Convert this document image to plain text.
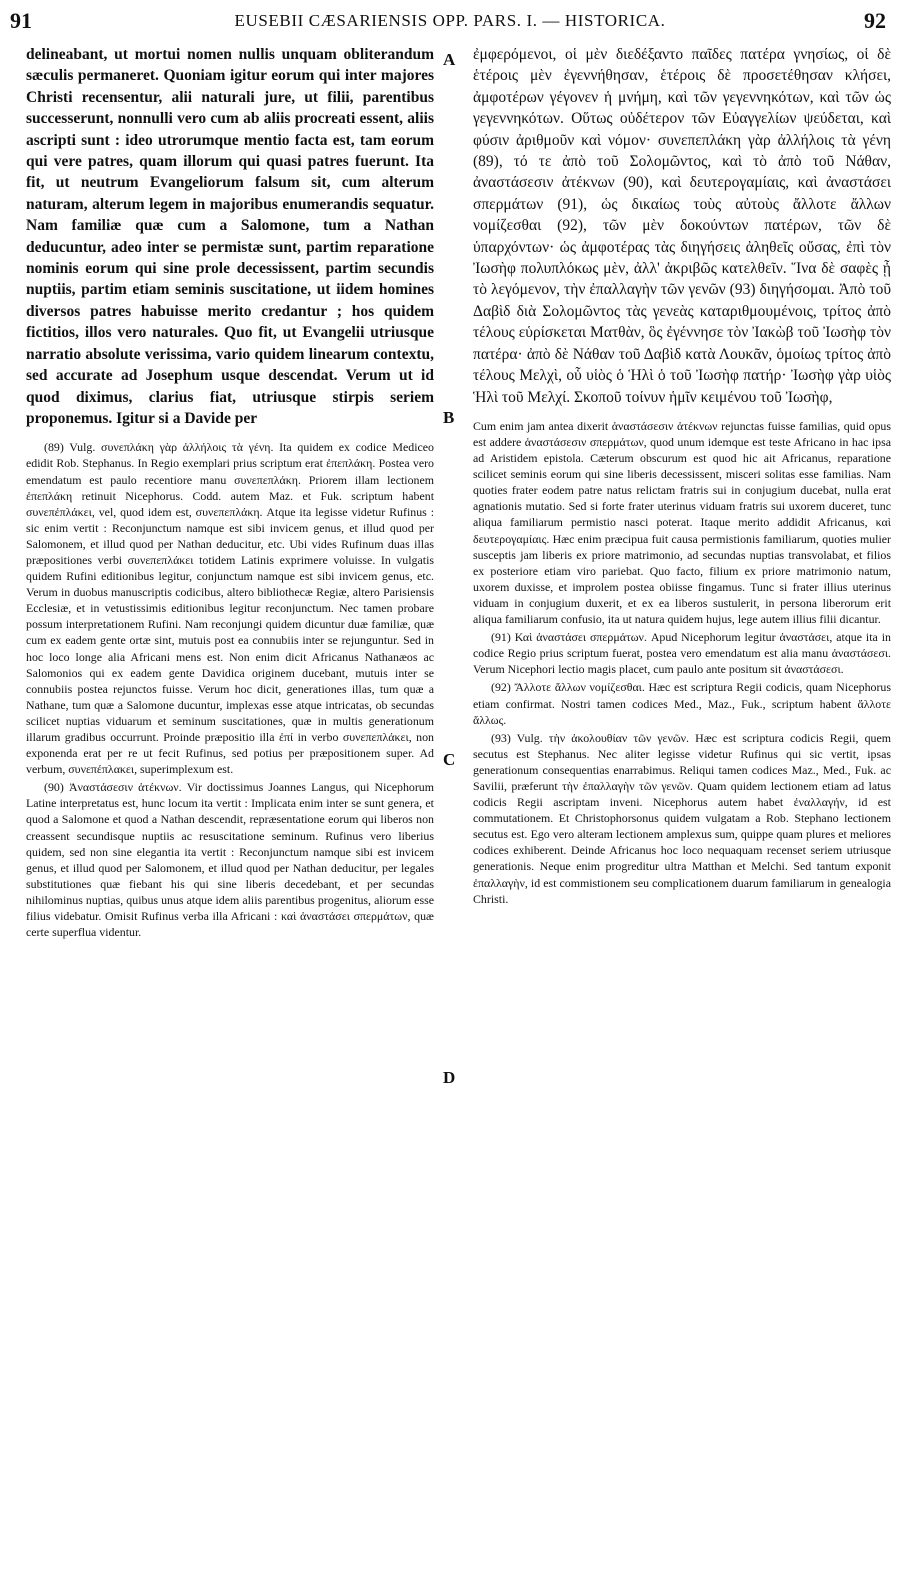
91	EUSEBII CÆSARIENSIS OPP. PARS. I. — HISTORICA.	92
A
B
C
D

delineabant, ut mortui nomen nullis unquam obliterandum sæculis permaneret. Quoniam igitur eorum qui inter majores Christi recensentur, alii naturali jure, ut filii, parentibus successerunt, nonnulli vero cum ab aliis procreati essent, aliis ascripti sunt : ideo utrorumque mentio facta est, tam eorum qui vere patres, quam illorum qui quasi patres fuerunt. Ita fit, ut neutrum Evangeliorum falsum sit, cum alterum naturam, alterum legem in majoribus enumerandis sequatur. Nam familiæ quæ cum a Salomone, tum a Nathan deducuntur, adeo inter se permistæ sunt, partim reparatione nominis eorum qui sine prole decessissent, partim secundis nuptiis, partim etiam seminis suscitatione, ut iidem homines diversos patres habuisse merito credantur ; hos quidem fictitios, illos vero naturales. Quo fit, ut Evangelii utriusque narratio absolute verissima, vario quidem linearum contextu, sed accurate ad Josephum usque descendat. Verum ut id quod diximus, clarius fiat, utriusque stirpis seriem proponemus. Igitur si a Davide per

(89) Vulg. συνεπλάκη γὰρ ἀλλήλοις τὰ γένη. Ita quidem ex codice Mediceo edidit Rob. Stephanus. In Regio exemplari prius scriptum erat ἐπεπλάκη. Postea vero emendatum est paulo recentiore manu συνεπεπλάκη. Priorem illam lectionem ἐπεπλάκη retinuit Nicephorus. Codd. autem Maz. et Fuk. scriptum habent συνεπέπλάκει, vel, quod idem est, συνεπεπλάκη. Atque ita legisse videtur Rufinus : sic enim vertit : Reconjunctum namque est sibi invicem genus, et illud quod per Salomonem, et illud quod per Nathan deducitur, etc. Ubi vides Rufinum duas illas præpositiones verbi συνεπεπλάκει totidem Latinis exprimere voluisse. In vulgatis quidem Rufini editionibus legitur, conjunctum namque est sibi invicem genus, etc. Verum in duobus manuscriptis codicibus, altero bibliothecæ Regiæ, altero Parisiensis Ecclesiæ, et in vetustissimis editionibus legitur reconjunctum. Nec tamen probare possum interpretationem Rufini. Nam reconjungi quidem dicuntur duæ familiæ, quæ cum ex eadem gente ortæ sint, mutuis post ea connubiis inter se rejunguntur. Sed in hoc loco longe alia Africani mens est. Non enim dicit Africanus Nathanæos ac Salomonios qui ex eadem gente Davidica originem ducebant, mutuis inter se connubiis postea rejunctos fuisse. Verum hoc dicit, generationes illas, tum quæ a Nathane, tum quæ a Salomone ducuntur, implexas esse atque intricatas, ob secundas scilicet nuptias viduarum et seminum suscitationes, quæ in multis generationum illarum gradibus occurrunt. Proinde præpositio illa ἐπί in verbo συνεπεπλάκει, non exponenda erat per re ut fecit Rufinus, sed potius per præpositionem super. Ad verbum, συνεπέπλακει, superimplexum est.

(90) Ἀναστάσεσιν ἀτέκνων. Vir doctissimus Joannes Langus, qui Nicephorum Latine interpretatus est, hunc locum ita vertit : Implicata enim inter se sunt genera, et quod a Salomone et quod a Nathan descendit, repræsentatione eorum qui liberos non creassent secundisque nuptiis ac resuscitatione seminum. Rufinus vero liberius quidem, sed non sine elegantia ita vertit : Reconjunctum namque sibi est invicem genus, et illud quod per Salomonem, et illud quod per Nathan deducitur, per legales substitutiones quæ fiebant his qui sine liberis decedebant, et per secundas nihilominus nuptias, quibus unus atque idem aliis parentibus progenitus, aliorum esse filius videbatur. Omisit Rufinus verba illa Africani : καὶ ἀναστάσει σπερμάτων, quæ certe superflua videntur.

ἐμφερόμενοι, οἱ μὲν διεδέξαντο παῖδες πατέρα γνησίως, οἱ δὲ ἑτέροις μὲν ἐγεννήθησαν, ἑτέροις δὲ προσετέθησαν κλήσει, ἀμφοτέρων γέγονεν ἡ μνήμη, καὶ τῶν γεγεννηκότων, καὶ τῶν ὡς γεγεννηκότων. Οὕτως οὐδέτερον τῶν Εὐαγγελίων ψεύδεται, καὶ φύσιν ἀριθμοῦν καὶ νόμον· συνεπεπλάκη γὰρ ἀλλήλοις τὰ γένη (89), τό τε ἀπὸ τοῦ Σολομῶντος, καὶ τὸ ἀπὸ τοῦ Νάθαν, ἀναστάσεσιν ἀτέκνων (90), καὶ δευτερογαμίαις, καὶ ἀναστάσει σπερμάτων (91), ὡς δικαίως τοὺς αὐτοὺς ἄλλοτε ἄλλων νομίζεσθαι (92), τῶν μὲν δοκούντων πατέρων, τῶν δὲ ὑπαρχόντων· ὡς ἀμφοτέρας τὰς διηγήσεις ἀληθεῖς οὔσας, ἐπὶ τὸν Ἰωσὴφ πολυπλόκως μὲν, ἀλλ' ἀκριβῶς κατελθεῖν. Ἵνα δὲ σαφὲς ᾖ τὸ λεγόμενον, τὴν ἐπαλλαγὴν τῶν γενῶν (93) διηγήσομαι. Ἀπὸ τοῦ Δαβὶδ διὰ Σολομῶντος τὰς γενεὰς καταριθμουμένοις, τρίτος ἀπὸ τέλους εὑρίσκεται Ματθὰν, ὃς ἐγέννησε τὸν Ἰακὼβ τοῦ Ἰωσὴφ τὸν πατέρα· ἀπὸ δὲ Νάθαν τοῦ Δαβὶδ κατὰ Λουκᾶν, ὁμοίως τρίτος ἀπὸ τέλους Μελχὶ, οὗ υἱὸς ὁ Ἡλὶ ὁ τοῦ Ἰωσὴφ πατήρ· Ἰωσὴφ γὰρ υἱὸς Ἡλὶ τοῦ Μελχί. Σκοποῦ τοίνυν ἡμῖν κειμένου τοῦ Ἰωσὴφ,

Cum enim jam antea dixerit ἀναστάσεσιν ἀτέκνων rejunctas fuisse familias, quid opus est addere ἀναστάσεσιν σπερμάτων, quod unum idemque est teste Africano in hac ipsa ad Aristidem epistola. Cæterum obscurum est quod hic ait Africanus, reparatione scilicet seminis eorum qui sine liberis decessissent, misceri solitas esse familias. Nam quoties frater eodem patre natus relictam fratris sui in conjugium ducebat, nulla erat agnationis mutatio. Sed si forte frater uterinus viduam fratris sui uxorem duceret, tunc aliqua familiarum permistio nasci poterat. Itaque merito addidit Africanus, καὶ δευτερογαμίαις. Hæc enim præcipua fuit causa permistionis familiarum, quoties mulier susceptis jam liberis ex priore matrimonio, ad secundas nuptias transvolabat, et filios ex posteriore etiam viro pariebat. Quo facto, filium ex priore matrimonio natum, uxorem duxisse, et improlem posteа obiisse fingamus. Tunc si frater illius uterinus viduam in conjugium duxerit, et ex ea liberos sustulerit, in persona liberorum erit aliqua familiarum confusio, ita ut natura quidem hujus, lege autem illius filii dicantur.

(91) Καὶ ἀναστάσει σπερμάτων. Apud Nicephorum legitur ἀναστάσει, atque ita in codice Regio prius scriptum fuerat, postea vero emendatum est alia manu ἀναστάσεσι. Verum Nicephori lectio magis placet, cum paulo ante positum sit ἀναστάσεσι.

(92) Ἄλλοτε ἄλλων νομίζεσθαι. Hæc est scriptura Regii codicis, quam Nicephorus etiam confirmat. Nostri tamen codices Med., Maz., Fuk., scriptum habent ἄλλοτε ἄλλως.

(93) Vulg. τὴν ἀκολουθίαν τῶν γενῶν. Hæc est scriptura codicis Regii, quem secutus est Stephanus. Nec aliter legisse videtur Rufinus qui sic vertit, ipsas generationum consequentias enarrabimus. Reliqui tamen codices Maz., Med., Fuk. ac Savilii, præferunt τὴν ἐπαλλαγὴν τῶν γενῶν. Quam quidem lectionem etiam ad latus codicis Regii ascriptam inveni. Nicephorus autem habet ἐναλλαγήν, id est commutationem. Et Christophorsonus quidem vulgatam a Rob. Stephano lectionem secutus est. Ego vero alteram lectionem amplexus sum, quippe quam plures et meliores codices exhiberent. Deinde Africanus hoc loco nequaquam recenset seriem utriusque generationis. Neque enim progreditur ultra Matthan et Melchi. Sed tantum exponit ἐπαλλαγὴν, id est commistionem seu complicationem duarum familiarum in genealogia Christi.
